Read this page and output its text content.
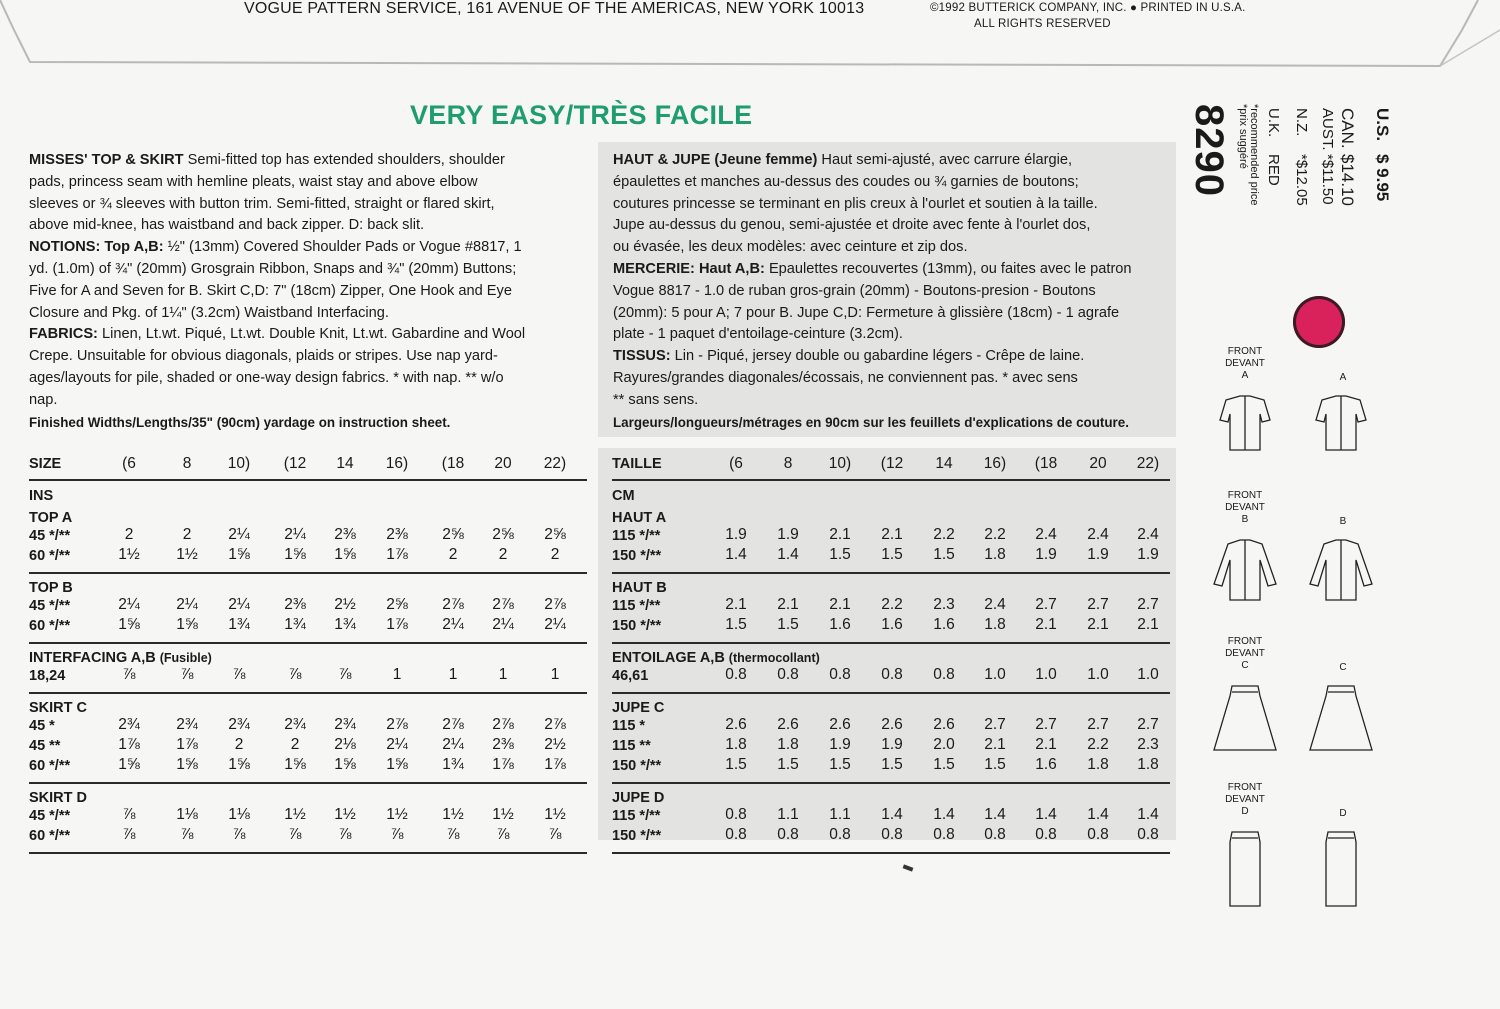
VOGUE PATTERN SERVICE, 161 AVENUE OF THE AMERICAS, NEW YORK 10013	©1992 BUTTERICK COMPANY, INC. ● PRINTED IN U.S.A.
ALL RIGHTS RESERVED
VERY EASY/TRÈS FACILE
MISSES' TOP & SKIRT Semi-fitted top has extended shoulders, shoulder
pads, princess seam with hemline pleats, waist stay and above elbow
sleeves or ¾ sleeves with button trim. Semi-fitted, straight or flared skirt,
above mid-knee, has waistband and back zipper. D: back slit.
NOTIONS: Top A,B: ½" (13mm) Covered Shoulder Pads or Vogue #8817, 1
yd. (1.0m) of ¾" (20mm) Grosgrain Ribbon, Snaps and ¾" (20mm) Buttons;
Five for A and Seven for B. Skirt C,D: 7" (18cm) Zipper, One Hook and Eye
Closure and Pkg. of 1¼" (3.2cm) Waistband Interfacing.
FABRICS: Linen, Lt.wt. Piqué, Lt.wt. Double Knit, Lt.wt. Gabardine and Wool
Crepe. Unsuitable for obvious diagonals, plaids or stripes. Use nap yard-
ages/layouts for pile, shaded or one-way design fabrics. * with nap. ** w/o
nap.
Finished Widths/Lengths/35" (90cm) yardage on instruction sheet.
HAUT & JUPE (Jeune femme) Haut semi-ajusté, avec carrure élargie,
épaulettes et manches au-dessus des coudes ou ¾ garnies de boutons;
coutures princesse se terminant en plis creux à l'ourlet et soutien à la taille.
Jupe au-dessus du genou, semi-ajustée et droite avec fente à l'ourlet dos,
ou évasée, les deux modèles: avec ceinture et zip dos.
MERCERIE: Haut A,B: Epaulettes recouvertes (13mm), ou faites avec le patron
Vogue 8817 - 1.0 de ruban gros-grain (20mm) - Boutons-presion - Boutons
(20mm): 5 pour A; 7 pour B. Jupe C,D: Fermeture à glissière (18cm) - 1 agrafe
plate - 1 paquet d'entoilage-ceinture (3.2cm).
TISSUS: Lin - Piqué, jersey double ou gabardine légers - Crêpe de laine.
Rayures/grandes diagonales/écossais, ne conviennent pas. * avec sens
** sans sens.
Largeurs/longueurs/métrages en 90cm sur les feuillets d'explications de couture.
8290	U.S.$ 9.95
CAN.$14.10
AUST.*$11.50
N.Z.*$12.05
U.K.RED
*recommended price
*prix suggéré
SIZE	(6	8	10)	(12	14	16)	(18	20	22)
INS
TOP A
45 */**	2	2	2¼	2¼	2⅜	2⅜	2⅝	2⅝	2⅝
60 */**	1½	1½	1⅝	1⅝	1⅝	1⅞	2	2	2
TOP B
45 */**	2¼	2¼	2¼	2⅜	2½	2⅝	2⅞	2⅞	2⅞
60 */**	1⅝	1⅝	1¾	1¾	1¾	1⅞	2¼	2¼	2¼
INTERFACING A,B (Fusible)
18,24	⅞	⅞	⅞	⅞	⅞	1	1	1	1
SKIRT C
45 *	2¾	2¾	2¾	2¾	2¾	2⅞	2⅞	2⅞	2⅞
45 **	1⅞	1⅞	2	2	2⅛	2¼	2¼	2⅜	2½
60 */**	1⅝	1⅝	1⅝	1⅝	1⅝	1⅝	1¾	1⅞	1⅞
SKIRT D
45 */**	⅞	1⅛	1⅛	1½	1½	1½	1½	1½	1½
60 */**	⅞	⅞	⅞	⅞	⅞	⅞	⅞	⅞	⅞
TAILLE	(6	8	10)	(12	14	16)	(18	20	22)
CM
HAUT A
115 */**	1.9	1.9	2.1	2.1	2.2	2.2	2.4	2.4	2.4
150 */**	1.4	1.4	1.5	1.5	1.5	1.8	1.9	1.9	1.9
HAUT B
115 */**	2.1	2.1	2.1	2.2	2.3	2.4	2.7	2.7	2.7
150 */**	1.5	1.5	1.6	1.6	1.6	1.8	2.1	2.1	2.1
ENTOILAGE A,B (thermocollant)
46,61	0.8	0.8	0.8	0.8	0.8	1.0	1.0	1.0	1.0
JUPE C
115 *	2.6	2.6	2.6	2.6	2.6	2.7	2.7	2.7	2.7
115 **	1.8	1.8	1.9	1.9	2.0	2.1	2.1	2.2	2.3
150 */**	1.5	1.5	1.5	1.5	1.5	1.5	1.6	1.8	1.8
JUPE D
115 */**	0.8	1.1	1.1	1.4	1.4	1.4	1.4	1.4	1.4
150 */**	0.8	0.8	0.8	0.8	0.8	0.8	0.8	0.8	0.8
FRONT
DEVANT
A	A
FRONT
DEVANT
B	B
FRONT
DEVANT
C	C
FRONT
DEVANT
D	D
